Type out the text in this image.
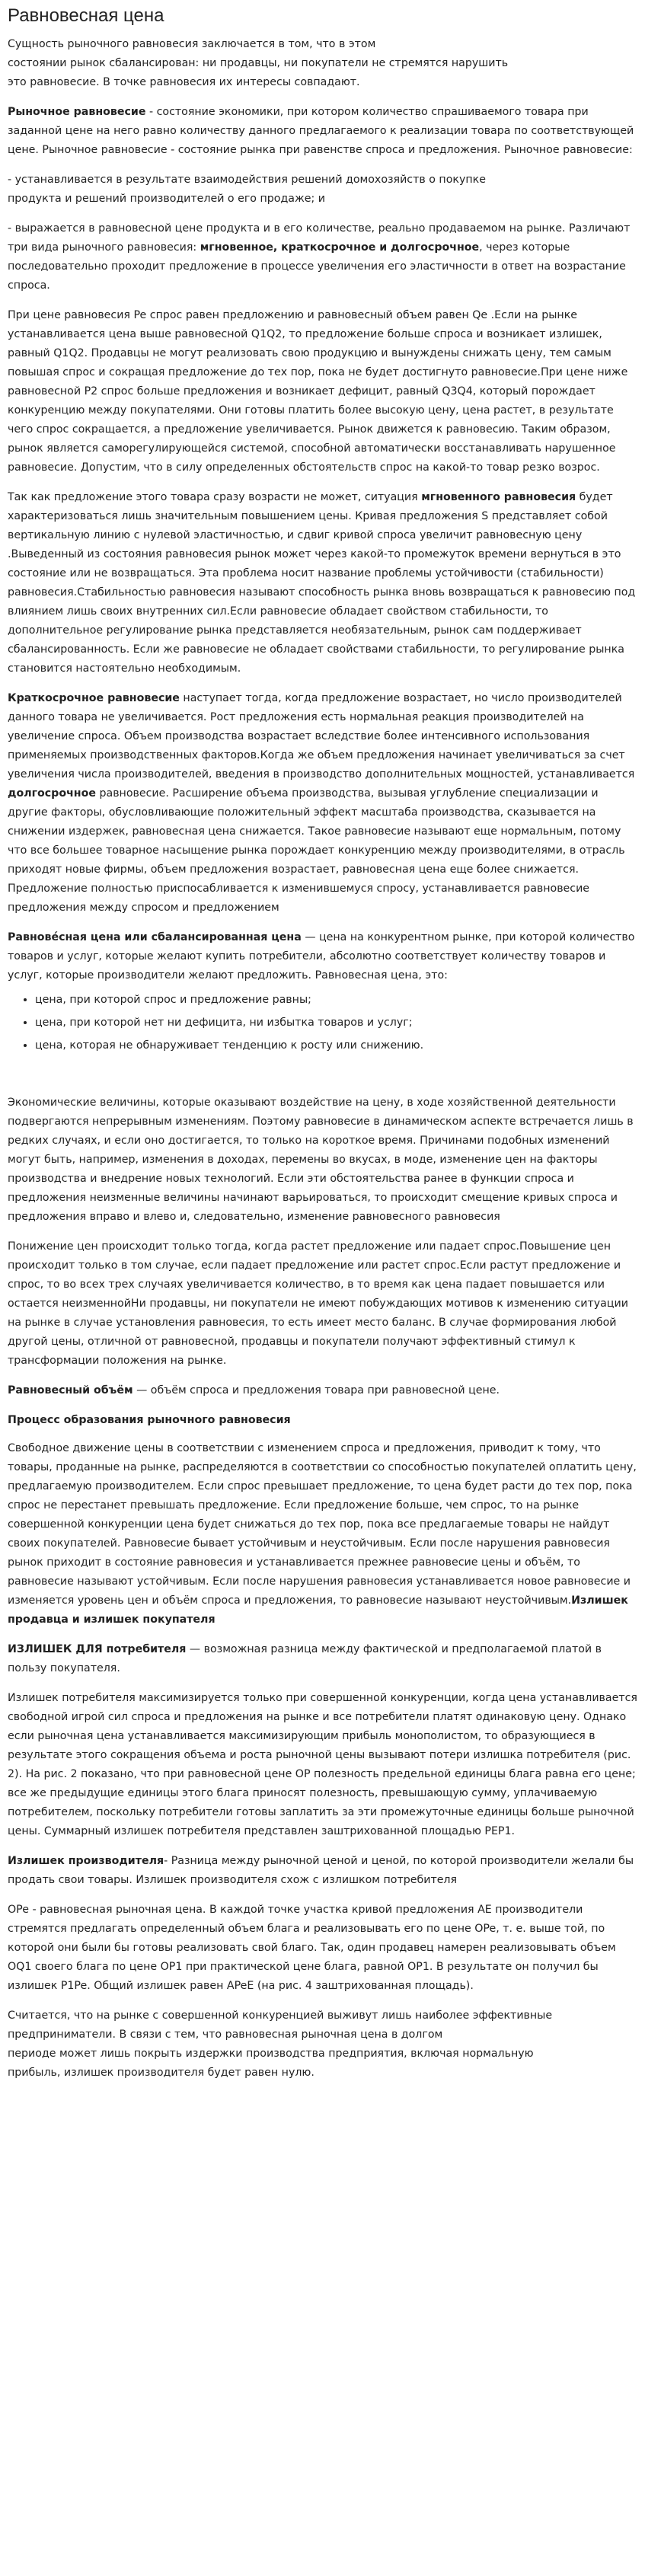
Равновесная цена

Сущность рыночного равновесия заключается в том, что в этом
состоянии рынок сбалансирован: ни продавцы, ни покупатели не стремятся нарушить
это равновесие. В точке равновесия их интересы совпадают.

Рыночное равновесие - состояние экономики, при котором количество спрашиваемого товара при заданной цене на него равно количеству данного предлагаемого к реализации товара по соответствующей цене. Рыночное равновесие - состояние рынка при равенстве спроса и предложения. Рыночное равновесие:

- устанавливается в результате взаимодействия решений домохозяйств о покупке
продукта и решений производителей о его продаже; и

- выражается в равновесной цене продукта и в его количестве, реально продаваемом на рынке. Различают три вида рыночного равновесия: мгновенное, краткосрочное и долгосрочное, через которые последовательно проходит предложение в процессе увеличения его эластичности в ответ на возрастание спроса.

При цене равновесия Pe спрос равен предложению и равновесный объем равен Qe .Если на рынке устанавливается цена выше равновесной Q1Q2, то предложение больше спроса и возникает излишек, равный Q1Q2. Продавцы не могут реализовать свою продукцию и вынуждены снижать цену, тем самым повышая спрос и сокращая предложение до тех пор, пока не будет достигнуто равновесие.При цене ниже равновесной P2 спрос больше предложения и возникает дефицит, равный Q3Q4, который порождает конкуренцию между покупателями. Они готовы платить более высокую цену, цена растет, в результате чего спрос сокращается, а предложение увеличивается. Рынок движется к равновесию. Таким образом, рынок является саморегулирующейся системой, способной автоматически восстанавливать нарушенное равновесие. Допустим, что в силу определенных обстоятельств спрос на какой-то товар резко возрос.

Так как предложение этого товара сразу возрасти не может, ситуация мгновенного равновесия будет характеризоваться лишь значительным повышением цены. Кривая предложения S представляет собой вертикальную линию с нулевой эластичностью, и сдвиг кривой спроса увеличит равновесную цену .Выведенный из состояния равновесия рынок может через какой-то промежуток времени вернуться в это состояние или не возвращаться. Эта проблема носит название проблемы устойчивости (стабильности) равновесия.Стабильностью равновесия называют способность рынка вновь возвращаться к равновесию под влиянием лишь своих внутренних сил.Если равновесие обладает свойством стабильности, то дополнительное регулирование рынка представляется необязательным, рынок сам поддерживает сбалансированность. Если же равновесие не обладает свойствами стабильности, то регулирование рынка становится настоятельно необходимым.

Краткосрочное равновесие наступает тогда, когда предложение возрастает, но число производителей данного товара не увеличивается. Рост предложения есть нормальная реакция производителей на увеличение спроса. Объем производства возрастает вследствие более интенсивного использования применяемых производственных факторов.Когда же объем предложения начинает увеличиваться за счет увеличения числа производителей, введения в производство дополнительных мощностей, устанавливается долгосрочное равновесие. Расширение объема производства, вызывая углубление специализации и другие факторы, обусловливающие положительный эффект масштаба производства, сказывается на снижении издержек, равновесная цена снижается. Такое равновесие называют еще нормальным, потому что все большее товарное насыщение рынка порождает конкуренцию между производителями, в отрасль приходят новые фирмы, объем предложения возрастает, равновесная цена еще более снижается. Предложение полностью приспосабливается к изменившемуся спросу, устанавливается равновесие предложения между спросом и предложением

Равнове́сная цена или сбалансированная цена — цена на конкурентном рынке, при которой количество товаров и услуг, которые желают купить потребители, абсолютно соответствует количеству товаров и услуг, которые производители желают предложить. Равновесная цена, это:

• цена, при которой спрос и предложение равны;
• цена, при которой нет ни дефицита, ни избытка товаров и услуг;
• цена, которая не обнаруживает тенденцию к росту или снижению.

Экономические величины, которые оказывают воздействие на цену, в ходе хозяйственной деятельности подвергаются непрерывным изменениям. Поэтому равновесие в динамическом аспекте встречается лишь в редких случаях, и если оно достигается, то только на короткое время. Причинами подобных изменений могут быть, например, изменения в доходах, перемены во вкусах, в моде, изменение цен на факторы производства и внедрение новых технологий. Если эти обстоятельства ранее в функции спроса и предложения неизменные величины начинают варьироваться, то происходит смещение кривых спроса и предложения вправо и влево и, следовательно, изменение равновесного равновесия

Понижение цен происходит только тогда, когда растет предложение или падает спрос.Повышение цен происходит только в том случае, если падает предложение или растет спрос.Если растут предложение и спрос, то во всех трех случаях увеличивается количество, в то время как цена падает повышается или остается неизменнойНи продавцы, ни покупатели не имеют побуждающих мотивов к изменению ситуации на рынке в случае установления равновесия, то есть имеет место баланс. В случае формирования любой другой цены, отличной от равновесной, продавцы и покупатели получают эффективный стимул к трансформации положения на рынке.

Равновесный объём — объём спроса и предложения товара при равновесной цене.

Процесс образования рыночного равновесия

Свободное движение цены в соответствии с изменением спроса и предложения, приводит к тому, что товары, проданные на рынке, распределяются в соответствии со способностью покупателей оплатить цену, предлагаемую производителем. Если спрос превышает предложение, то цена будет расти до тех пор, пока спрос не перестанет превышать предложение. Если предложение больше, чем спрос, то на рынке совершенной конкуренции цена будет снижаться до тех пор, пока все предлагаемые товары не найдут своих покупателей. Равновесие бывает устойчивым и неустойчивым. Если после нарушения равновесия рынок приходит в состояние равновесия и устанавливается прежнее равновесие цены и объём, то равновесие называют устойчивым. Если после нарушения равновесия устанавливается новое равновесие и изменяется уровень цен и объём спроса и предложения, то равновесие называют неустойчивым.Излишек продавца и излишек покупателя

ИЗЛИШЕК ДЛЯ потребителя — возможная разница между фактической и предполагаемой платой в пользу покупателя.

Излишек потребителя максимизируется только при совершенной конкуренции, когда цена устанавливается свободной игрой сил спроса и предложения на рынке и все потребители платят одинаковую цену. Однако если рыночная цена устанавливается максимизирующим прибыль монополистом, то образующиеся в результате этого сокращения объема и роста рыночной цены вызывают потери излишка потребителя (рис. 2). На рис. 2 показано, что при равновесной цене OP полезность предельной единицы блага равна его цене; все же предыдущие единицы этого блага приносят полезность, превышающую сумму, уплачиваемую потребителем, поскольку потребители готовы заплатить за эти промежуточные единицы больше рыночной цены. Суммарный излишек потребителя представлен заштрихованной площадью PEP1.

Излишек производителя- Разница между рыночной ценой и ценой, по которой производители желали бы продать свои товары. Излишек производителя схож с излишком потребителя

OPe - равновесная рыночная цена. В каждой точке участка кривой предложения AE производители стремятся предлагать определенный объем блага и реализовывать его по цене OPe, т. е. выше той, по которой они были бы готовы реализовать свой благо. Так, один продавец намерен реализовывать объем OQ1 своего блага по цене OP1 при практической цене блага, равной OP1. В результате он получил бы излишек P1Pe. Общий излишек равен APeE (на рис. 4 заштрихованная площадь).

Считается, что на рынке с совершенной конкуренцией выживут лишь наиболее эффективные
предприниматели. В связи с тем, что равновесная рыночная цена в долгом
периоде может лишь покрыть издержки производства предприятия, включая нормальную
прибыль, излишек производителя будет равен нулю.
